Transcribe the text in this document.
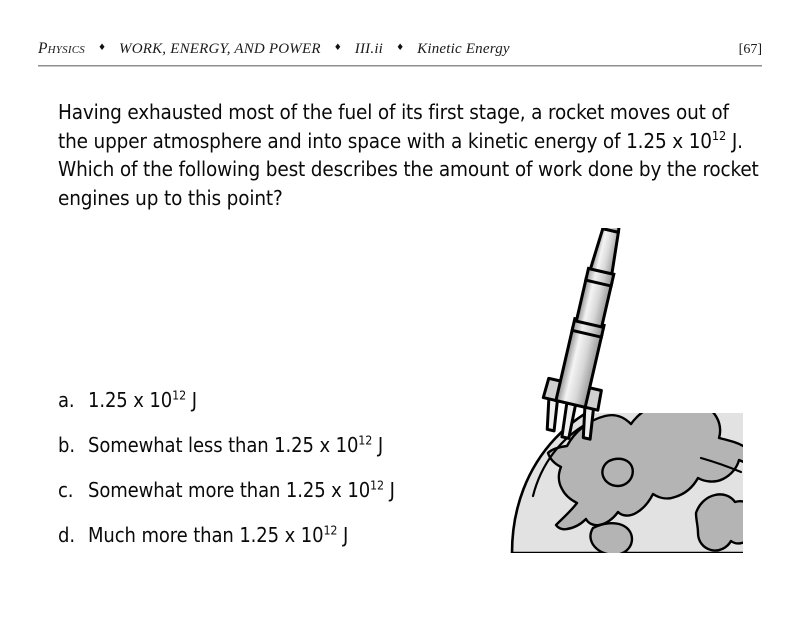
Physics ♦ WORK, ENERGY, AND POWER ♦ III.ii ♦ Kinetic Energy	[67]
Having exhausted most of the fuel of its first stage, a rocket moves out of the upper atmosphere and into space with a kinetic energy of 1.25 x $10^{12}$ J. Which of the following best describes the amount of work done by the rocket engines up to this point?
a. 1.25 x $10^{12}$ J
b. Somewhat less than 1.25 x $10^{12}$ J
c. Somewhat more than 1.25 x $10^{12}$ J
d. Much more than 1.25 x $10^{12}$ J
